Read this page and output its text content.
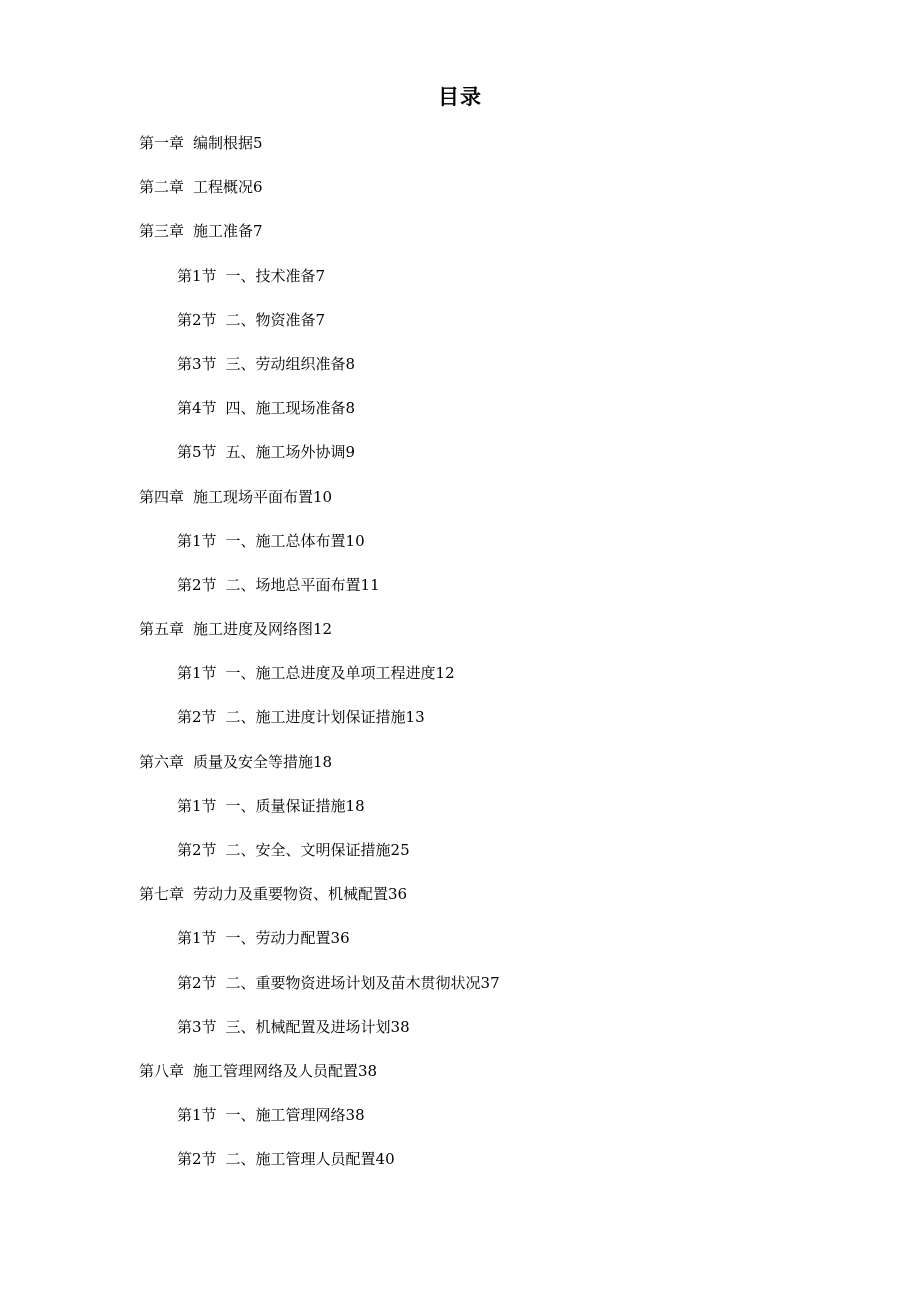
目录
第一章 编制根据5
第二章 工程概况6
第三章 施工准备7
第1节 一、技术准备7
第2节 二、物资准备7
第3节 三、劳动组织准备8
第4节 四、施工现场准备8
第5节 五、施工场外协调9
第四章 施工现场平面布置10
第1节 一、施工总体布置10
第2节 二、场地总平面布置11
第五章 施工进度及网络图12
第1节 一、施工总进度及单项工程进度12
第2节 二、施工进度计划保证措施13
第六章 质量及安全等措施18
第1节 一、质量保证措施18
第2节 二、安全、文明保证措施25
第七章 劳动力及重要物资、机械配置36
第1节 一、劳动力配置36
第2节 二、重要物资进场计划及苗木贯彻状况37
第3节 三、机械配置及进场计划38
第八章 施工管理网络及人员配置38
第1节 一、施工管理网络38
第2节 二、施工管理人员配置40
